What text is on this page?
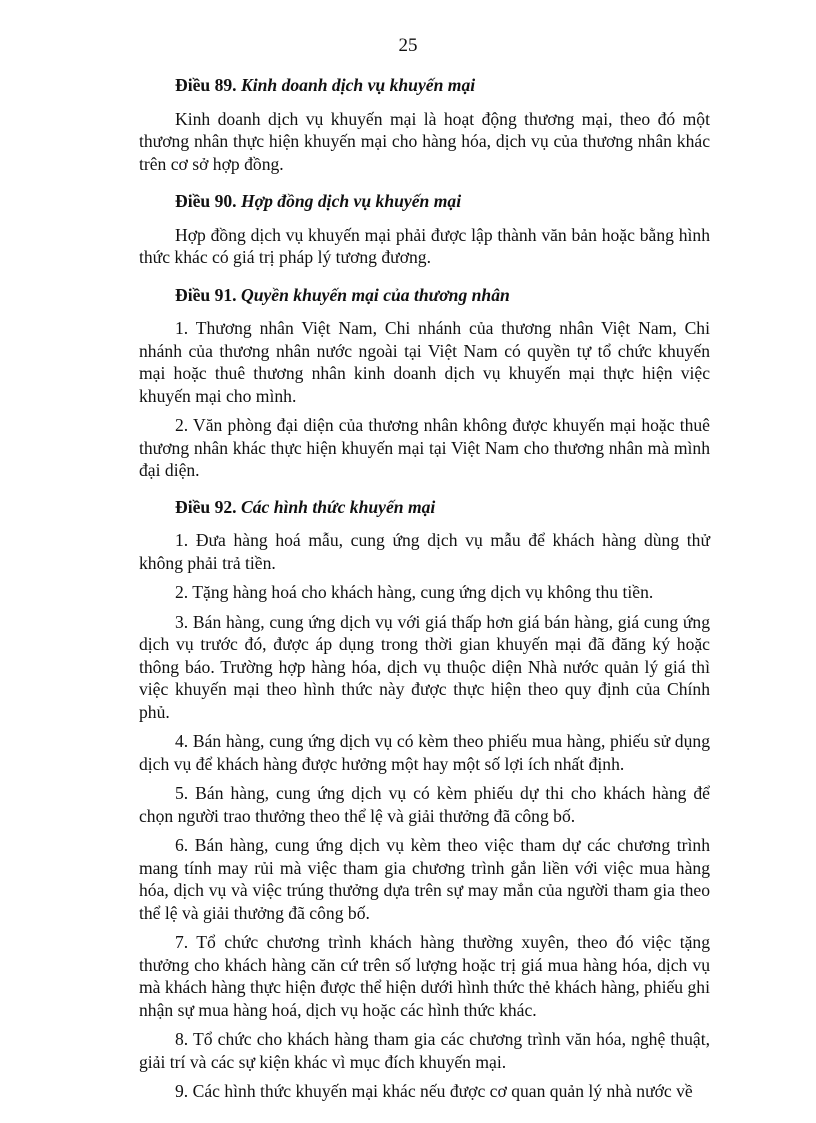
25

Điều 89. Kinh doanh dịch vụ khuyến mại

Kinh doanh dịch vụ khuyến mại là hoạt động thương mại, theo đó một thương nhân thực hiện khuyến mại cho hàng hóa, dịch vụ của thương nhân khác trên cơ sở hợp đồng.

Điều 90. Hợp đồng dịch vụ khuyến mại

Hợp đồng dịch vụ khuyến mại phải được lập thành văn bản hoặc bằng hình thức khác có giá trị pháp lý tương đương.

Điều 91. Quyền khuyến mại của thương nhân

1. Thương nhân Việt Nam, Chi nhánh của thương nhân Việt Nam, Chi nhánh của thương nhân nước ngoài tại Việt Nam có quyền tự tổ chức khuyến mại hoặc thuê thương nhân kinh doanh dịch vụ khuyến mại thực hiện việc khuyến mại cho mình.

2. Văn phòng đại diện của thương nhân không được khuyến mại hoặc thuê thương nhân khác thực hiện khuyến mại tại Việt Nam cho thương nhân mà mình đại diện.

Điều 92. Các hình thức khuyến mại

1. Đưa hàng hoá mẫu, cung ứng dịch vụ mẫu để khách hàng dùng thử không phải trả tiền.

2. Tặng hàng hoá cho khách hàng, cung ứng dịch vụ không thu tiền.

3. Bán hàng, cung ứng dịch vụ với giá thấp hơn giá bán hàng, giá cung ứng dịch vụ trước đó, được áp dụng trong thời gian khuyến mại đã đăng ký hoặc thông báo. Trường hợp hàng hóa, dịch vụ thuộc diện Nhà nước quản lý giá thì việc khuyến mại theo hình thức này được thực hiện theo quy định của Chính phủ.

4. Bán hàng, cung ứng dịch vụ có kèm theo phiếu mua hàng, phiếu sử dụng dịch vụ để khách hàng được hưởng một hay một số lợi ích nhất định.

5. Bán hàng, cung ứng dịch vụ có kèm phiếu dự thi cho khách hàng để chọn người trao thưởng theo thể lệ và giải thưởng đã công bố.

6. Bán hàng, cung ứng dịch vụ kèm theo việc tham dự các chương trình mang tính may rủi mà việc tham gia chương trình gắn liền với việc mua hàng hóa, dịch vụ và việc trúng thưởng dựa trên sự may mắn của người tham gia theo thể lệ và giải thưởng đã công bố.

7. Tổ chức chương trình khách hàng thường xuyên, theo đó việc tặng thưởng cho khách hàng căn cứ trên số lượng hoặc trị giá mua hàng hóa, dịch vụ mà khách hàng thực hiện được thể hiện dưới hình thức thẻ khách hàng, phiếu ghi nhận sự mua hàng hoá, dịch vụ hoặc các hình thức khác.

8. Tổ chức cho khách hàng tham gia các chương trình văn hóa, nghệ thuật, giải trí và các sự kiện khác vì mục đích khuyến mại.

9. Các hình thức khuyến mại khác nếu được cơ quan quản lý nhà nước về
